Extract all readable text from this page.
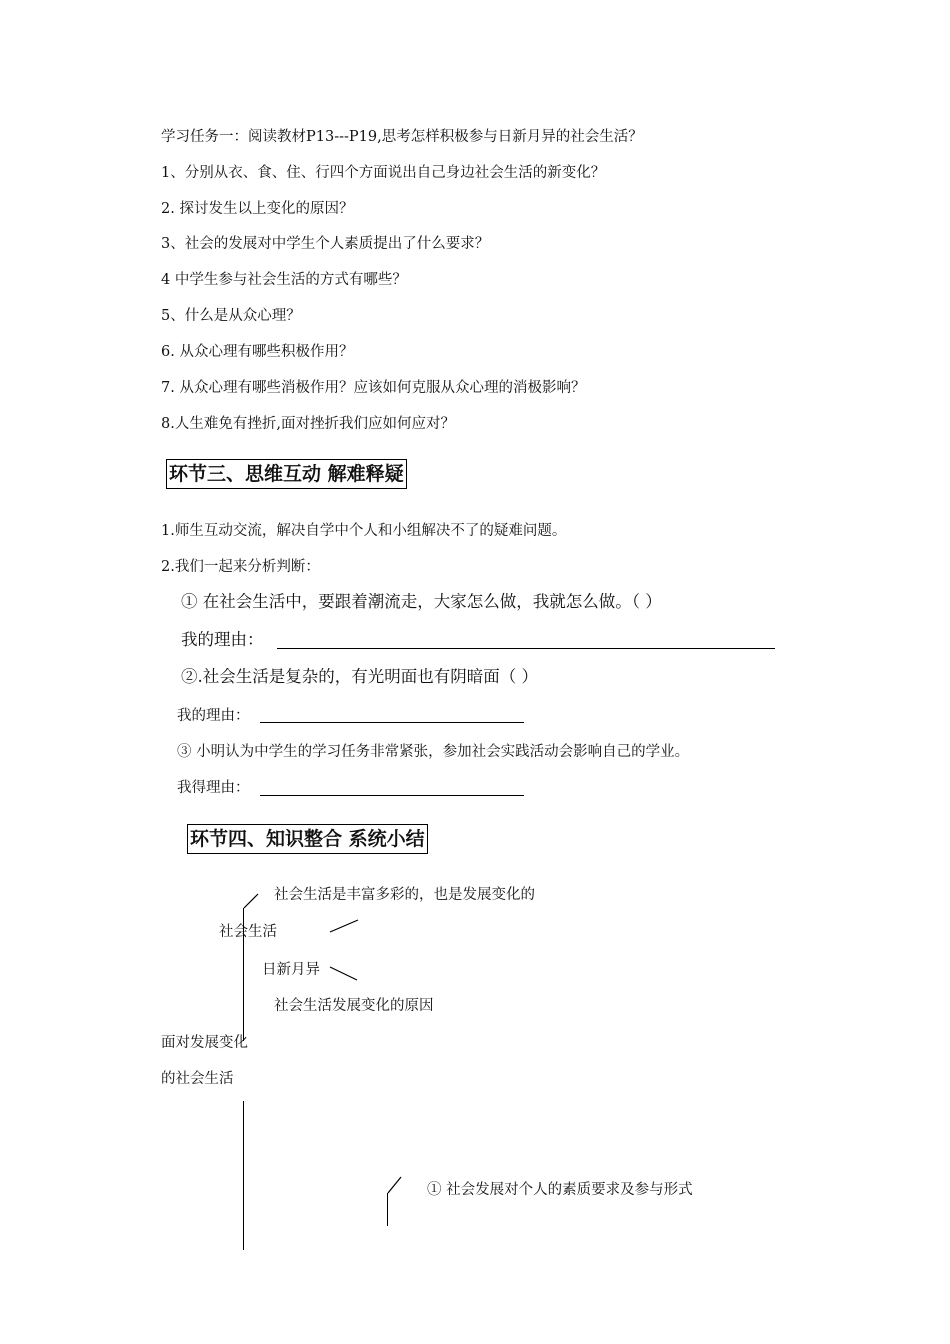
学习任务一：阅读教材P13---P19,思考怎样积极参与日新月异的社会生活？
1、分别从衣、食、住、行四个方面说出自己身边社会生活的新变化？
2. 探讨发生以上变化的原因？
3、社会的发展对中学生个人素质提出了什么要求？
4 中学生参与社会生活的方式有哪些？
5、什么是从众心理？
6. 从众心理有哪些积极作用？
7. 从众心理有哪些消极作用？应该如何克服从众心理的消极影响？
8.人生难免有挫折,面对挫折我们应如何应对？
环节三、思维互动 解难释疑
1.师生互动交流，解决自学中个人和小组解决不了的疑难问题。
2.我们一起来分析判断：
① 在社会生活中，要跟着潮流走，大家怎么做，我就怎么做。（ ）
我的理由：
②.社会生活是复杂的，有光明面也有阴暗面（ ）
我的理由：
③ 小明认为中学生的学习任务非常紧张，参加社会实践活动会影响自己的学业。
我得理由：
环节四、知识整合 系统小结
社会生活是丰富多彩的，也是发展变化的
社会生活
日新月异
社会生活发展变化的原因
面对发展变化
的社会生活
① 社会发展对个人的素质要求及参与形式
